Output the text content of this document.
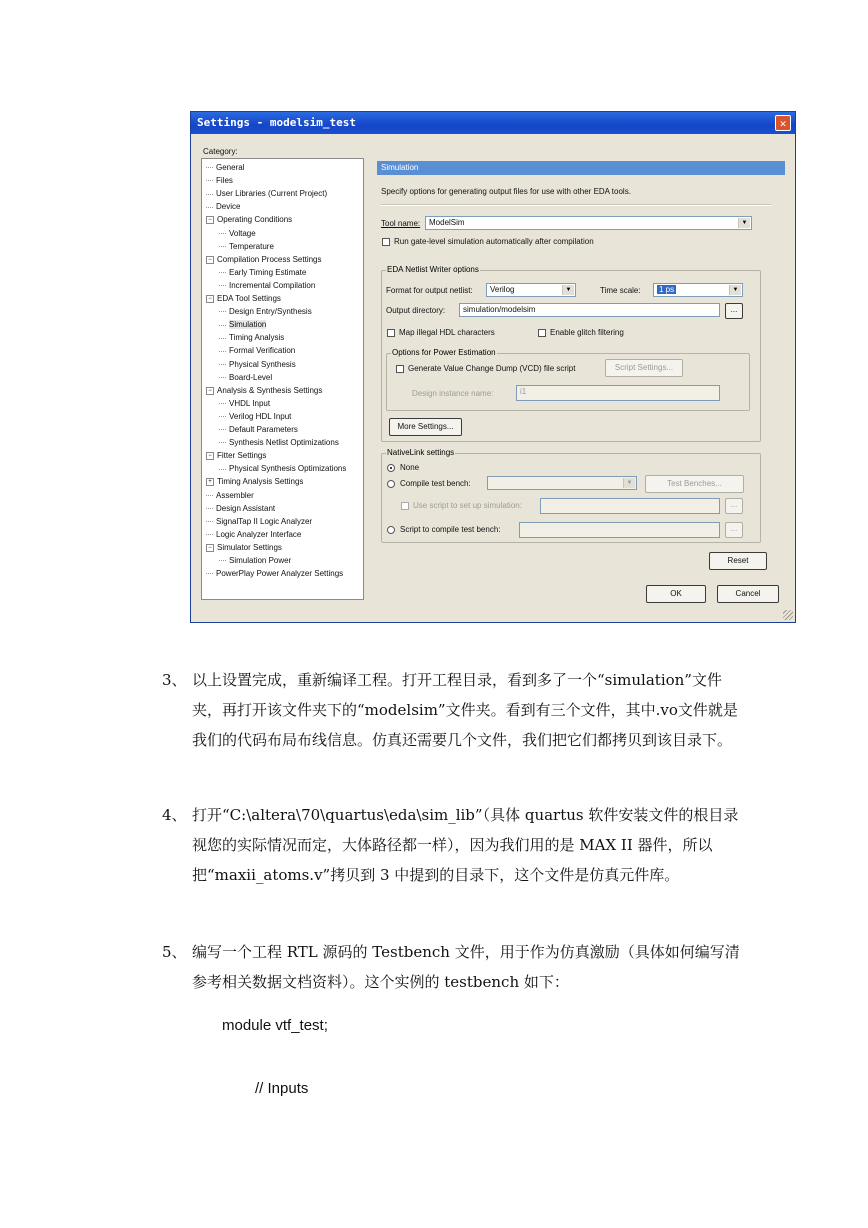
Settings - modelsim_test	✕
Category:
General
Files
User Libraries (Current Project)
Device
− Operating Conditions
Voltage
Temperature
− Compilation Process Settings
Early Timing Estimate
Incremental Compilation
− EDA Tool Settings
Design Entry/Synthesis
Simulation
Timing Analysis
Formal Verification
Physical Synthesis
Board-Level
− Analysis & Synthesis Settings
VHDL Input
Verilog HDL Input
Default Parameters
Synthesis Netlist Optimizations
− Fitter Settings
Physical Synthesis Optimizations
+ Timing Analysis Settings
Assembler
Design Assistant
SignalTap II Logic Analyzer
Logic Analyzer Interface
− Simulator Settings
Simulation Power
PowerPlay Power Analyzer Settings
Simulation
Specify options for generating output files for use with other EDA tools.
Tool name:	ModelSim	▼
Run gate-level simulation automatically after compilation
EDA Netlist Writer options
Format for output netlist:	Verilog	▼	Time scale:	1 ps	▼
Output directory:	simulation/modelsim	...
Map illegal HDL characters	Enable glitch filtering
Options for Power Estimation
Generate Value Change Dump (VCD) file script	Script Settings...
Design instance name:	i1
More Settings...
NativeLink settings
None
Compile test bench:	▼	Test Benches...
Use script to set up simulation:	...
Script to compile test bench:	...
Reset
OK	Cancel
3、 以上设置完成，重新编译工程。打开工程目录，看到多了一个“simulation”文件夹，再打开该文件夹下的“modelsim”文件夹。看到有三个文件，其中.vo文件就是我们的代码布局布线信息。仿真还需要几个文件，我们把它们都拷贝到该目录下。
4、 打开“C:\altera\70\quartus\eda\sim_lib”（具体 quartus 软件安装文件的根目录视您的实际情况而定，大体路径都一样），因为我们用的是 MAX II 器件，所以把“maxii_atoms.v”拷贝到 3 中提到的目录下，这个文件是仿真元件库。
5、 编写一个工程 RTL 源码的 Testbench 文件，用于作为仿真激励（具体如何编写清参考相关数据文档资料）。这个实例的 testbench 如下：
module vtf_test;
// Inputs
